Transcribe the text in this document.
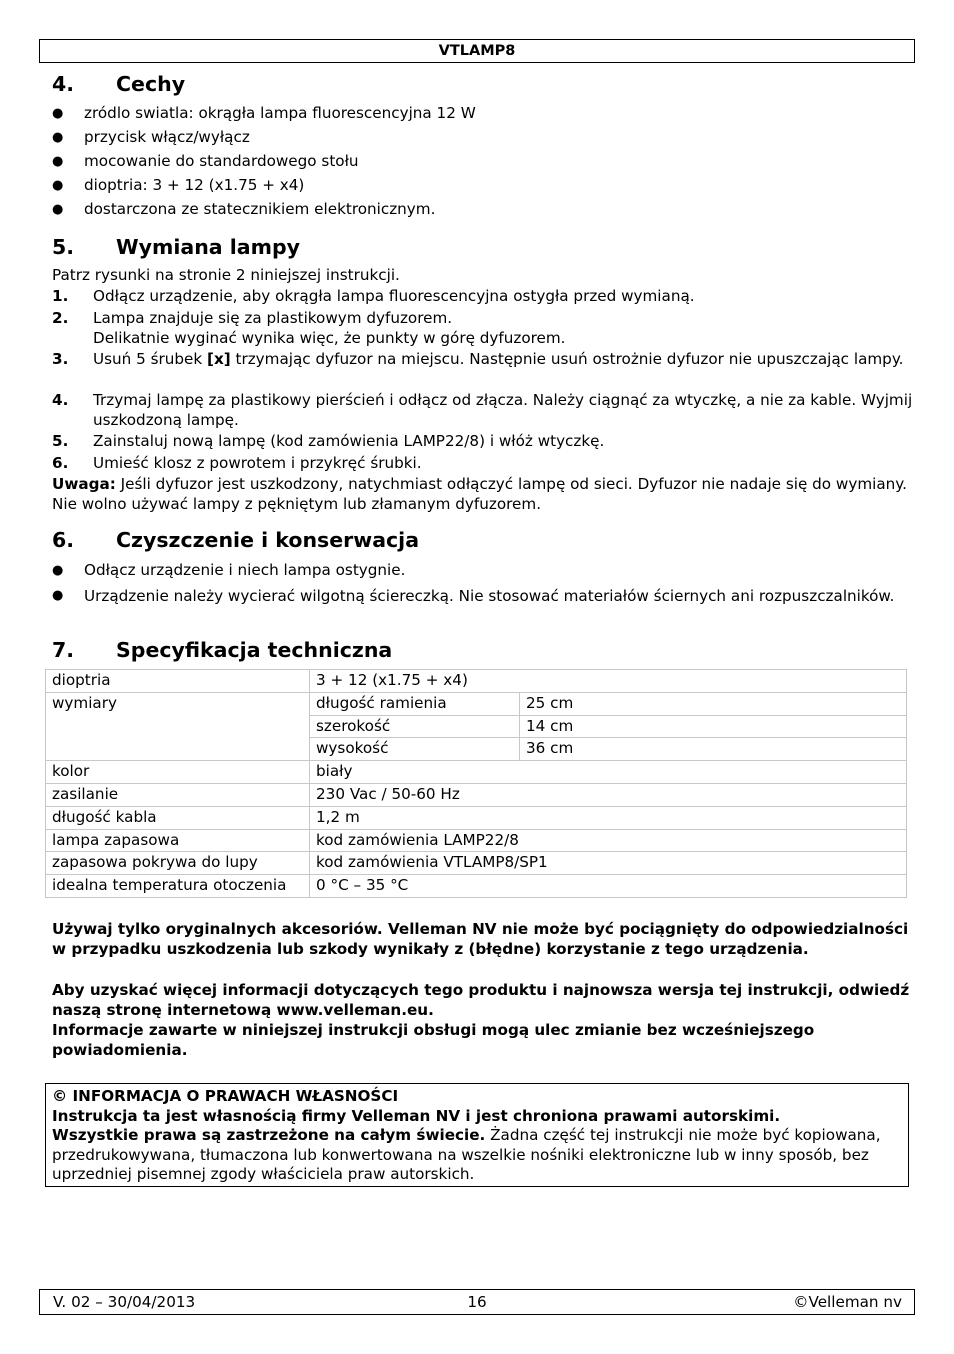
VTLAMP8
4. Cechy
● zródlo swiatla: okrągła lampa fluorescencyjna 12 W
● przycisk włącz/wyłącz
● mocowanie do standardowego stołu
● dioptria: 3 + 12 (x1.75 + x4)
● dostarczona ze statecznikiem elektronicznym.
5. Wymiana lampy
Patrz rysunki na stronie 2 niniejszej instrukcji.
1. Odłącz urządzenie, aby okrągła lampa fluorescencyjna ostygła przed wymianą.
2. Lampa znajduje się za plastikowym dyfuzorem.
Delikatnie wyginać wynika więc, że punkty w górę dyfuzorem.
3. Usuń 5 śrubek [x] trzymając dyfuzor na miejscu. Następnie usuń ostrożnie dyfuzor nie upuszczając lampy.
4. Trzymaj lampę za plastikowy pierścień i odłącz od złącza. Należy ciągnąć za wtyczkę, a nie za kable. Wyjmij uszkodzoną lampę.
5. Zainstaluj nową lampę (kod zamówienia LAMP22/8) i włóż wtyczkę.
6. Umieść klosz z powrotem i przykręć śrubki.
Uwaga: Jeśli dyfuzor jest uszkodzony, natychmiast odłączyć lampę od sieci. Dyfuzor nie nadaje się do wymiany. Nie wolno używać lampy z pękniętym lub złamanym dyfuzorem.
6. Czyszczenie i konserwacja
● Odłącz urządzenie i niech lampa ostygnie.
● Urządzenie należy wycierać wilgotną ściereczką. Nie stosować materiałów ściernych ani rozpuszczalników.
7. Specyfikacja techniczna
dioptria	3 + 12 (x1.75 + x4)	
wymiary	długość ramienia	25 cm
	szerokość	14 cm
	wysokość	36 cm
kolor	biały	
zasilanie	230 Vac / 50-60 Hz	
długość kabla	1,2 m	
lampa zapasowa	kod zamówienia LAMP22/8	
zapasowa pokrywa do lupy	kod zamówienia VTLAMP8/SP1	
idealna temperatura otoczenia	0 °C – 35 °C	
Używaj tylko oryginalnych akcesoriów. Velleman NV nie może być pociągnięty do odpowiedzialności w przypadku uszkodzenia lub szkody wynikały z (błędne) korzystanie z tego urządzenia.
Aby uzyskać więcej informacji dotyczących tego produktu i najnowsza wersja tej instrukcji, odwiedź naszą stronę internetową www.velleman.eu.
Informacje zawarte w niniejszej instrukcji obsługi mogą ulec zmianie bez wcześniejszego powiadomienia.
© INFORMACJA O PRAWACH WŁASNOŚCI
Instrukcja ta jest własnością firmy Velleman NV i jest chroniona prawami autorskimi.
Wszystkie prawa są zastrzeżone na całym świecie. Żadna część tej instrukcji nie może być kopiowana, przedrukowywana, tłumaczona lub konwertowana na wszelkie nośniki elektroniczne lub w inny sposób, bez uprzedniej pisemnej zgody właściciela praw autorskich.
V. 02 – 30/04/2013	16	©Velleman nv
